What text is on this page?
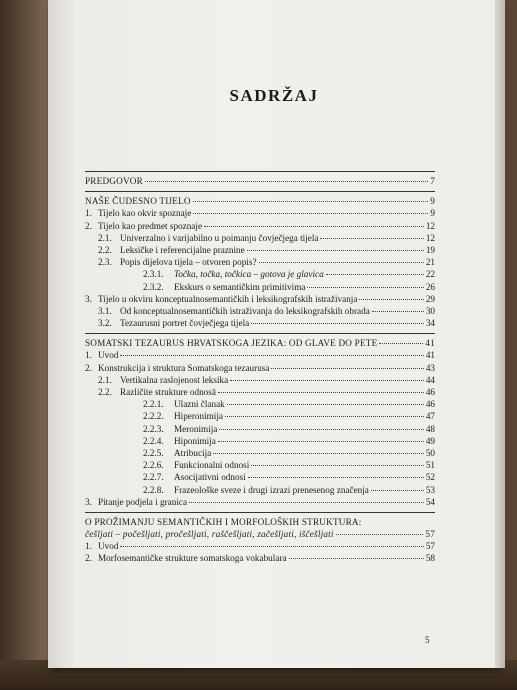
SADRŽAJ
PREDGOVOR	7
NAŠE ČUDESNO TIJELO	9
1. Tijelo kao okvir spoznaje	9
2. Tijelo kao predmet spoznaje	12
2.1. Univerzalno i varijabilno u poimanju čovječjega tijela	12
2.2. Leksičke i referencijalne praznine	19
2.3. Popis dijelova tijela – otvoren popis?	21
2.3.1.	Točka, točka, točkica – gotova je glavica	22
2.3.2.	Ekskurs o semantičkim primitivima	26
3. Tijelo u okviru konceptualnosemantičkih i leksikografskih istraživanja	29
3.1. Od konceptualnosemantičkih istraživanja do leksikografskih obrada	30
3.2. Tezaurusni portret čovječjega tijela	34
SOMATSKI TEZAURUS HRVATSKOGA JEZIKA: OD GLAVE DO PETE	41
1. Uvod	41
2. Konstrukcija i struktura Somatskoga tezaurusa	43
2.1. Vertikalna raslojenost leksika	44
2.2. Različite strukture odnosā	46
2.2.1.	Ulazni članak	46
2.2.2.	Hiperonimija	47
2.2.3.	Meronimija	48
2.2.4.	Hiponimija	49
2.2.5.	Atribucija	50
2.2.6.	Funkcionalni odnosi	51
2.2.7.	Asocijativni odnosi	52
2.2.8.	Frazeološke sveze i drugi izrazi prenesenog značenja	53
3. Pitanje podjela i granica	54
O PROŽIMANJU SEMANTIČKIH I MORFOLOŠKIH STRUKTURA:
češljati – počešljati, pročešljati, raščešljati, začešljati, iščešljati	57
1. Uvod	57
2. Morfosemantičke strukture somatskoga vokabulara	58
5
